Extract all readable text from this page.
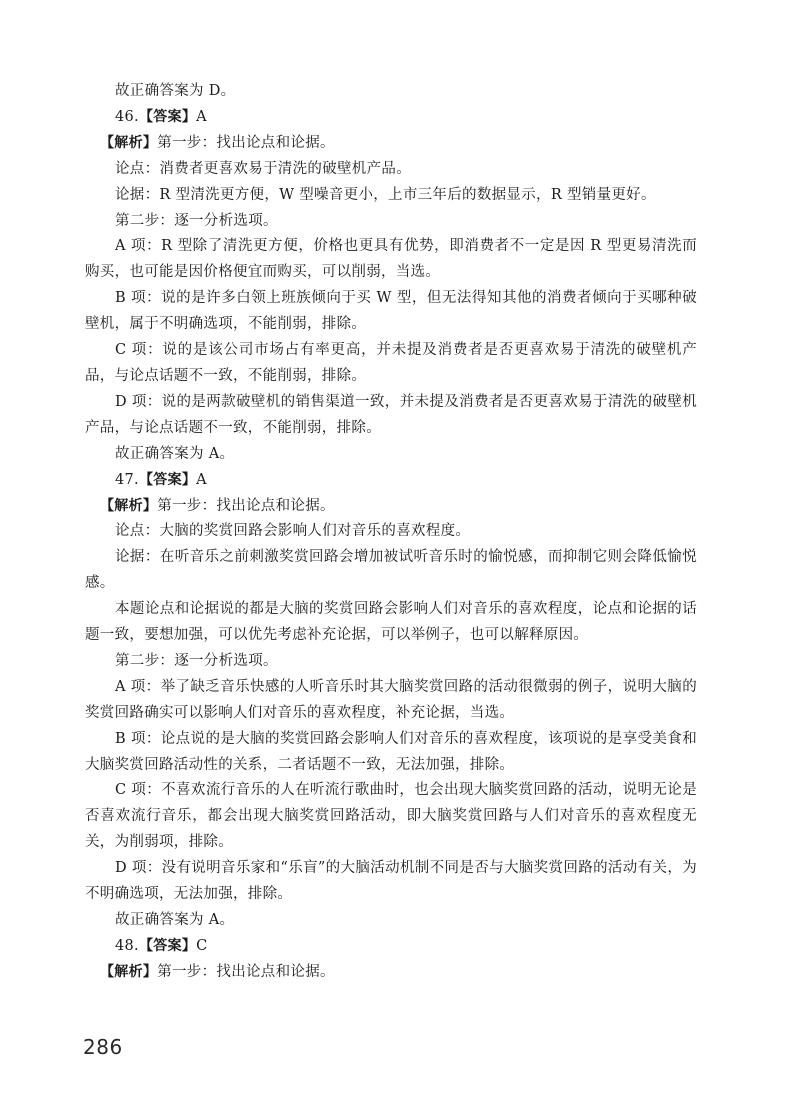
故正确答案为 D。

46.【答案】A

【解析】第一步：找出论点和论据。

论点：消费者更喜欢易于清洗的破壁机产品。

论据：R 型清洗更方便，W 型噪音更小，上市三年后的数据显示，R 型销量更好。

第二步：逐一分析选项。

A 项：R 型除了清洗更方便，价格也更具有优势，即消费者不一定是因 R 型更易清洗而购买，也可能是因价格便宜而购买，可以削弱，当选。

B 项：说的是许多白领上班族倾向于买 W 型，但无法得知其他的消费者倾向于买哪种破壁机，属于不明确选项，不能削弱，排除。

C 项：说的是该公司市场占有率更高，并未提及消费者是否更喜欢易于清洗的破壁机产品，与论点话题不一致，不能削弱，排除。

D 项：说的是两款破壁机的销售渠道一致，并未提及消费者是否更喜欢易于清洗的破壁机产品，与论点话题不一致，不能削弱，排除。

故正确答案为 A。

47.【答案】A

【解析】第一步：找出论点和论据。

论点：大脑的奖赏回路会影响人们对音乐的喜欢程度。

论据：在听音乐之前刺激奖赏回路会增加被试听音乐时的愉悦感，而抑制它则会降低愉悦感。

本题论点和论据说的都是大脑的奖赏回路会影响人们对音乐的喜欢程度，论点和论据的话题一致，要想加强，可以优先考虑补充论据，可以举例子，也可以解释原因。

第二步：逐一分析选项。

A 项：举了缺乏音乐快感的人听音乐时其大脑奖赏回路的活动很微弱的例子，说明大脑的奖赏回路确实可以影响人们对音乐的喜欢程度，补充论据，当选。

B 项：论点说的是大脑的奖赏回路会影响人们对音乐的喜欢程度，该项说的是享受美食和大脑奖赏回路活动性的关系，二者话题不一致，无法加强，排除。

C 项：不喜欢流行音乐的人在听流行歌曲时，也会出现大脑奖赏回路的活动，说明无论是否喜欢流行音乐，都会出现大脑奖赏回路活动，即大脑奖赏回路与人们对音乐的喜欢程度无关，为削弱项，排除。

D 项：没有说明音乐家和“乐盲”的大脑活动机制不同是否与大脑奖赏回路的活动有关，为不明确选项，无法加强，排除。

故正确答案为 A。

48.【答案】C

【解析】第一步：找出论点和论据。

286
